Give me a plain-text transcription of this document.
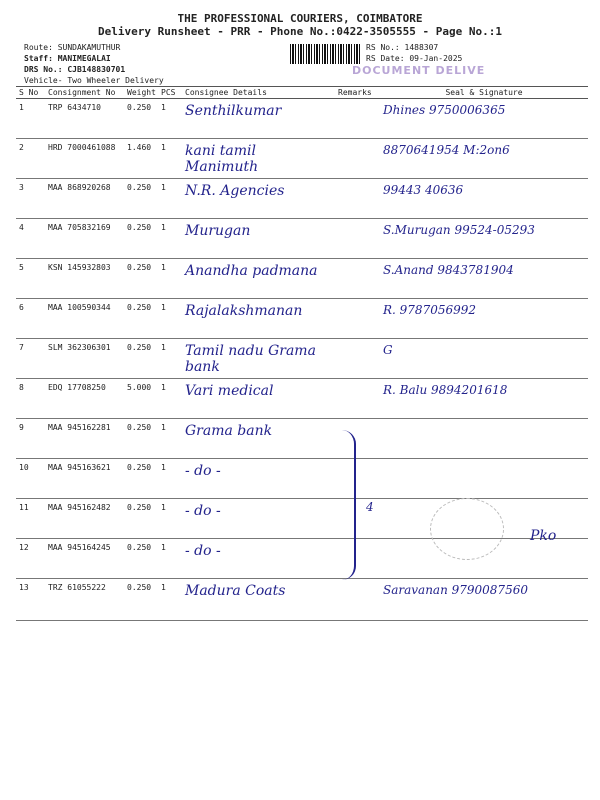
THE PROFESSIONAL COURIERS, COIMBATORE
Delivery Runsheet - PRR - Phone No.:0422-3505555 - Page No.:1
Route: SUNDAKAMUTHUR
Staff: MANIMEGALAI
DRS No.: CJB148830701
Vehicle- Two Wheeler Delivery
RS No.: 1488307
RS Date: 09-Jan-2025
DOCUMENT DELIVE
S No	Consignment No	Weight	PCS	Consignee Details	Remarks	Seal & Signature
1	TRP 6434710	0.250	1	Senthilkumar		Dhines 9750006365
2	HRD 7000461088	1.460	1	kani tamil Manimuth		8870641954 M:2on6
3	MAA 868920268	0.250	1	N.R. Agencies		99443 40636
4	MAA 705832169	0.250	1	Murugan		S.Murugan 99524-05293
5	KSN 145932803	0.250	1	Anandha padmana		S.Anand 9843781904
6	MAA 100590344	0.250	1	Rajalakshmanan		R. 9787056992
7	SLM 362306301	0.250	1	Tamil nadu Grama bank		G
8	EDQ 17708250	5.000	1	Vari medical		R. Balu 9894201618
9	MAA 945162281	0.250	1	Grama bank		
10	MAA 945163621	0.250	1	- do -		
11	MAA 945162482	0.250	1	- do -		
12	MAA 945164245	0.250	1	- do -		
13	TRZ 61055222	0.250	1	Madura Coats		Saravanan 9790087560
4
Pko
